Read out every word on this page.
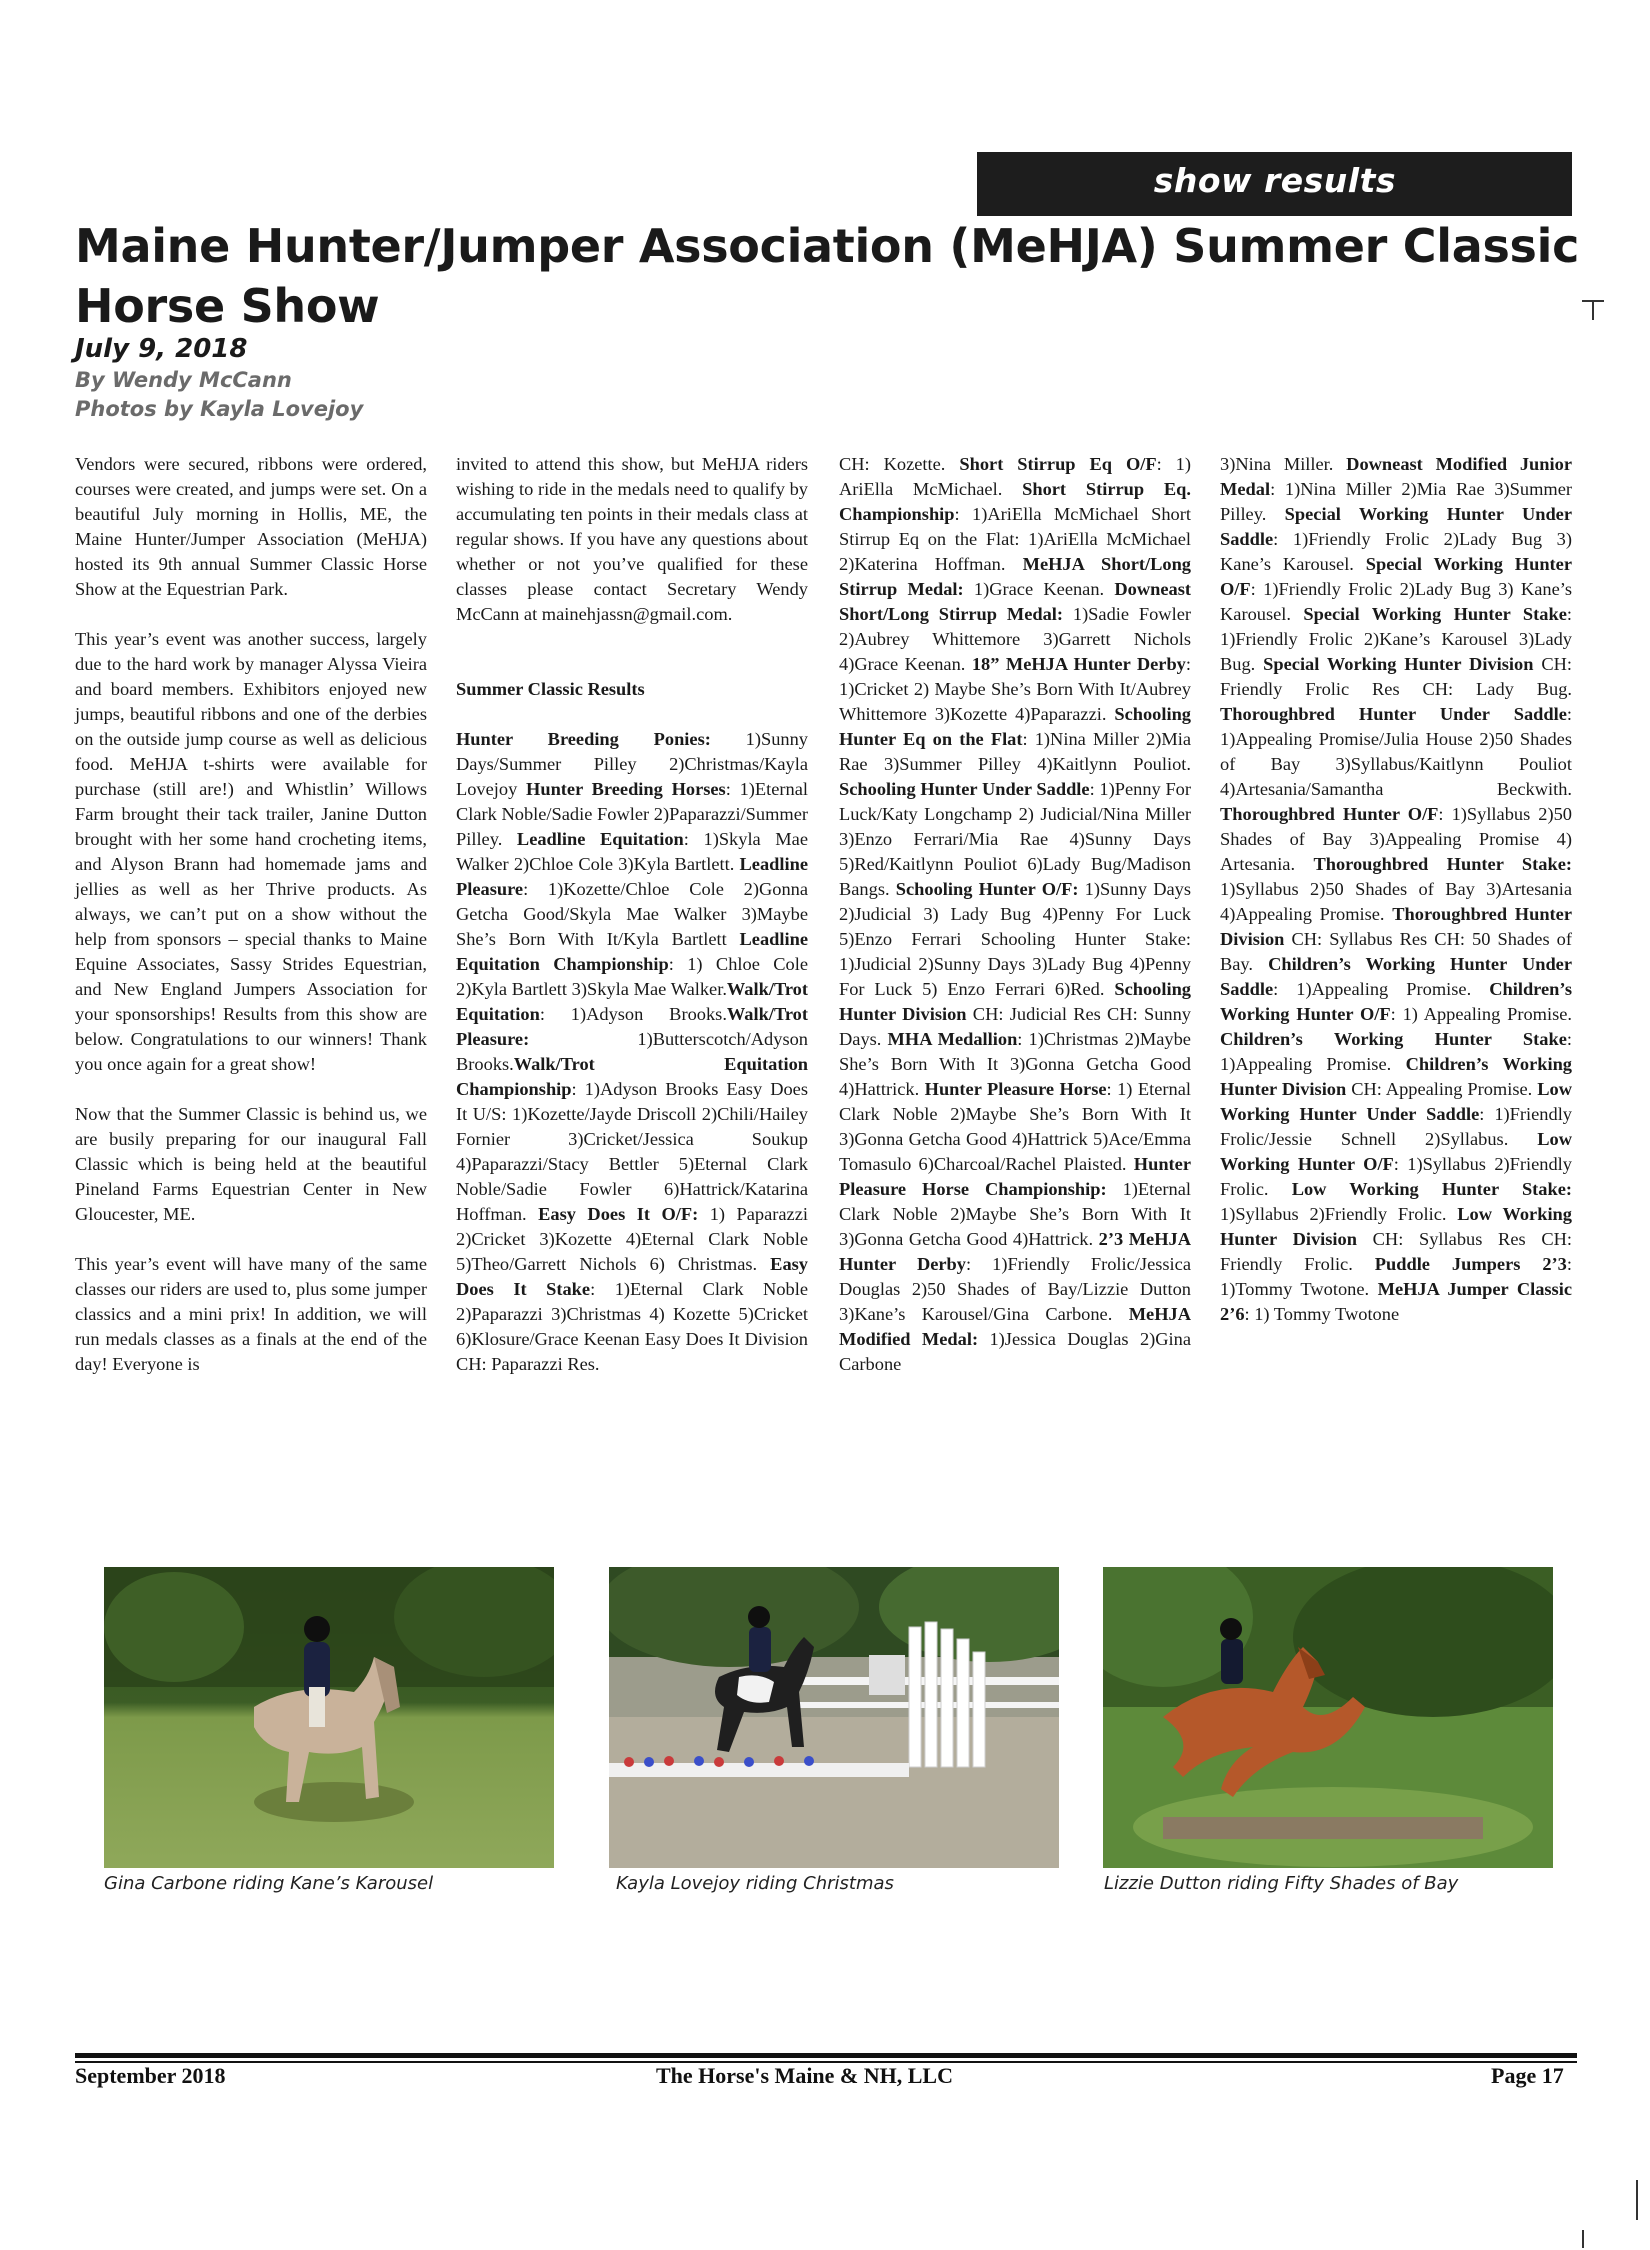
show results
Maine Hunter/Jumper Association (MeHJA) Summer Classic Horse Show
July 9, 2018
By Wendy McCann
Photos by Kayla Lovejoy

Vendors were secured, ribbons were ordered, courses were created, and jumps were set. On a beautiful July morning in Hollis, ME, the Maine Hunter/Jumper Association (MeHJA) hosted its 9th annual Summer Classic Horse Show at the Equestrian Park.

This year’s event was another success, largely due to the hard work by manager Alyssa Vieira and board members. Exhibitors enjoyed new jumps, beautiful ribbons and one of the derbies on the outside jump course as well as delicious food. MeHJA t-shirts were available for purchase (still are!) and Whistlin’ Willows Farm brought their tack trailer, Janine Dutton brought with her some hand crocheting items, and Alyson Brann had homemade jams and jellies as well as her Thrive products. As always, we can’t put on a show without the help from sponsors – special thanks to Maine Equine Associates, Sassy Strides Equestrian, and New England Jumpers Association for your sponsorships! Results from this show are below. Congratulations to our winners! Thank you once again for a great show!

Now that the Summer Classic is behind us, we are busily preparing for our inaugural Fall Classic which is being held at the beautiful Pineland Farms Equestrian Center in New Gloucester, ME.

This year’s event will have many of the same classes our riders are used to, plus some jumper classics and a mini prix! In addition, we will run medals classes as a finals at the end of the day! Everyone is

invited to attend this show, but MeHJA riders wishing to ride in the medals need to qualify by accumulating ten points in their medals class at regular shows. If you have any questions about whether or not you’ve qualified for these classes please contact Secretary Wendy McCann at mainehjassn@gmail.com.

Summer Classic Results

Hunter Breeding Ponies: 1)Sunny Days/Summer Pilley 2)Christmas/Kayla Lovejoy Hunter Breeding Horses: 1)Eternal Clark Noble/Sadie Fowler 2)Paparazzi/Summer Pilley. Leadline Equitation: 1)Skyla Mae Walker 2)Chloe Cole 3)Kyla Bartlett. Leadline Pleasure: 1)Kozette/Chloe Cole 2)Gonna Getcha Good/Skyla Mae Walker 3)Maybe She’s Born With It/Kyla Bartlett Leadline Equitation Championship: 1) Chloe Cole 2)Kyla Bartlett 3)Skyla Mae Walker.Walk/Trot Equitation: 1)Adyson Brooks.Walk/Trot Pleasure: 1)Butterscotch/Adyson Brooks.Walk/Trot Equitation Championship: 1)Adyson Brooks Easy Does It U/S: 1)Kozette/Jayde Driscoll 2)Chili/Hailey Fornier 3)Cricket/Jessica Soukup 4)Paparazzi/Stacy Bettler 5)Eternal Clark Noble/Sadie Fowler 6)Hattrick/Katarina Hoffman. Easy Does It O/F: 1) Paparazzi 2)Cricket 3)Kozette 4)Eternal Clark Noble 5)Theo/Garrett Nichols 6) Christmas. Easy Does It Stake: 1)Eternal Clark Noble 2)Paparazzi 3)Christmas 4) Kozette 5)Cricket 6)Klosure/Grace Keenan Easy Does It Division CH: Paparazzi Res.

CH: Kozette. Short Stirrup Eq O/F: 1) AriElla McMichael. Short Stirrup Eq. Championship: 1)AriElla McMichael Short Stirrup Eq on the Flat: 1)AriElla McMichael 2)Katerina Hoffman. MeHJA Short/Long Stirrup Medal: 1)Grace Keenan. Downeast Short/Long Stirrup Medal: 1)Sadie Fowler 2)Aubrey Whittemore 3)Garrett Nichols 4)Grace Keenan. 18” MeHJA Hunter Derby: 1)Cricket 2) Maybe She’s Born With It/Aubrey Whittemore 3)Kozette 4)Paparazzi. Schooling Hunter Eq on the Flat: 1)Nina Miller 2)Mia Rae 3)Summer Pilley 4)Kaitlynn Pouliot. Schooling Hunter Under Saddle: 1)Penny For Luck/Katy Longchamp 2) Judicial/Nina Miller 3)Enzo Ferrari/Mia Rae 4)Sunny Days 5)Red/Kaitlynn Pouliot 6)Lady Bug/Madison Bangs. Schooling Hunter O/F: 1)Sunny Days 2)Judicial 3) Lady Bug 4)Penny For Luck 5)Enzo Ferrari Schooling Hunter Stake: 1)Judicial 2)Sunny Days 3)Lady Bug 4)Penny For Luck 5) Enzo Ferrari 6)Red. Schooling Hunter Division CH: Judicial Res CH: Sunny Days. MHA Medallion: 1)Christmas 2)Maybe She’s Born With It 3)Gonna Getcha Good 4)Hattrick. Hunter Pleasure Horse: 1) Eternal Clark Noble 2)Maybe She’s Born With It 3)Gonna Getcha Good 4)Hattrick 5)Ace/Emma Tomasulo 6)Charcoal/Rachel Plaisted. Hunter Pleasure Horse Championship: 1)Eternal Clark Noble 2)Maybe She’s Born With It 3)Gonna Getcha Good 4)Hattrick. 2’3 MeHJA Hunter Derby: 1)Friendly Frolic/Jessica Douglas 2)50 Shades of Bay/Lizzie Dutton 3)Kane’s Karousel/Gina Carbone. MeHJA Modified Medal: 1)Jessica Douglas 2)Gina Carbone

3)Nina Miller. Downeast Modified Junior Medal: 1)Nina Miller 2)Mia Rae 3)Summer Pilley. Special Working Hunter Under Saddle: 1)Friendly Frolic 2)Lady Bug 3) Kane’s Karousel. Special Working Hunter O/F: 1)Friendly Frolic 2)Lady Bug 3) Kane’s Karousel. Special Working Hunter Stake: 1)Friendly Frolic 2)Kane’s Karousel 3)Lady Bug. Special Working Hunter Division CH: Friendly Frolic Res CH: Lady Bug. Thoroughbred Hunter Under Saddle: 1)Appealing Promise/Julia House 2)50 Shades of Bay 3)Syllabus/Kaitlynn Pouliot 4)Artesania/Samantha Beckwith. Thoroughbred Hunter O/F: 1)Syllabus 2)50 Shades of Bay 3)Appealing Promise 4) Artesania. Thoroughbred Hunter Stake: 1)Syllabus 2)50 Shades of Bay 3)Artesania 4)Appealing Promise. Thoroughbred Hunter Division CH: Syllabus Res CH: 50 Shades of Bay. Children’s Working Hunter Under Saddle: 1)Appealing Promise. Children’s Working Hunter O/F: 1) Appealing Promise. Children’s Working Hunter Stake: 1)Appealing Promise. Children’s Working Hunter Division CH: Appealing Promise. Low Working Hunter Under Saddle: 1)Friendly Frolic/Jessie Schnell 2)Syllabus. Low Working Hunter O/F: 1)Syllabus 2)Friendly Frolic. Low Working Hunter Stake: 1)Syllabus 2)Friendly Frolic. Low Working Hunter Division CH: Syllabus Res CH: Friendly Frolic. Puddle Jumpers 2’3: 1)Tommy Twotone. MeHJA Jumper Classic 2’6: 1) Tommy Twotone

Gina Carbone riding Kane’s Karousel	Kayla Lovejoy riding Christmas	Lizzie Dutton riding Fifty Shades of Bay
September 2018	The Horse's Maine & NH, LLC	Page 17
